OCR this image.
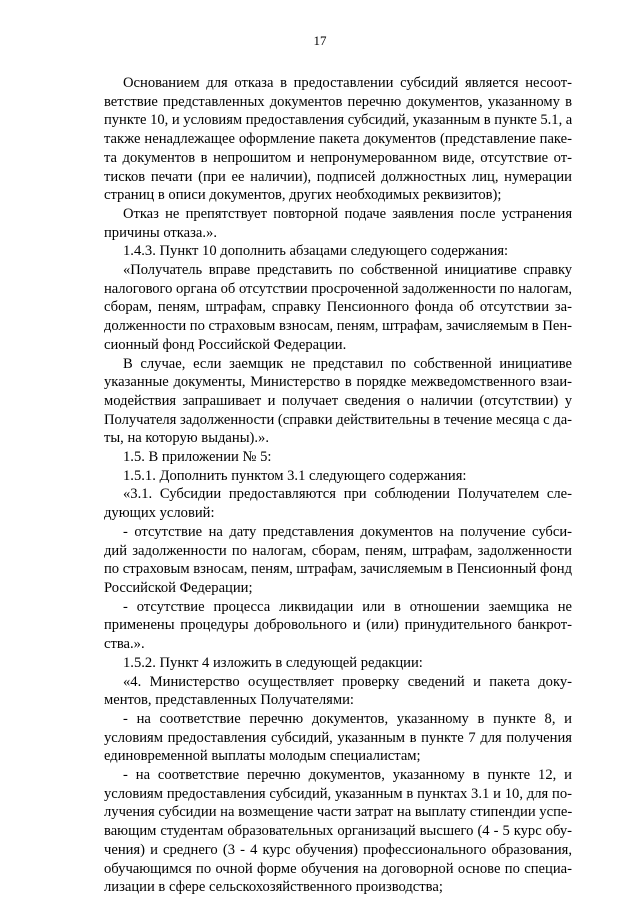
17

Основанием для отказа в предоставлении субсидий является несоот-
ветствие представленных документов перечню документов, указанному в
пункте 10, и условиям предоставления субсидий, указанным в пункте 5.1, а
также ненадлежащее оформление пакета документов (представление паке-
та документов в непрошитом и непронумерованном виде, отсутствие от-
тисков печати (при ее наличии), подписей должностных лиц, нумерации
страниц в описи документов, других необходимых реквизитов);

Отказ не препятствует повторной подаче заявления после устранения
причины отказа.».

1.4.3. Пункт 10 дополнить абзацами следующего содержания:

«Получатель вправе представить по собственной инициативе справку
налогового органа об отсутствии просроченной задолженности по налогам,
сборам, пеням, штрафам, справку Пенсионного фонда об отсутствии за-
долженности по страховым взносам, пеням, штрафам, зачисляемым в Пен-
сионный фонд Российской Федерации.

В случае, если заемщик не представил по собственной инициативе
указанные документы, Министерство в порядке межведомственного взаи-
модействия запрашивает и получает сведения о наличии (отсутствии) у
Получателя задолженности (справки действительны в течение месяца с да-
ты, на которую выданы).».

1.5. В приложении № 5:

1.5.1. Дополнить пунктом 3.1 следующего содержания:

«3.1. Субсидии предоставляются при соблюдении Получателем сле-
дующих условий:

- отсутствие на дату представления документов на получение субси-
дий задолженности по налогам, сборам, пеням, штрафам, задолженности
по страховым взносам, пеням, штрафам, зачисляемым в Пенсионный фонд
Российской Федерации;

- отсутствие процесса ликвидации или в отношении заемщика не
применены процедуры добровольного и (или) принудительного банкрот-
ства.».

1.5.2. Пункт 4 изложить в следующей редакции:

«4. Министерство осуществляет проверку сведений и пакета доку-
ментов, представленных Получателями:

- на соответствие перечню документов, указанному в пункте 8, и
условиям предоставления субсидий, указанным в пункте 7 для получения
единовременной выплаты молодым специалистам;

- на соответствие перечню документов, указанному в пункте 12, и
условиям предоставления субсидий, указанным в пунктах 3.1 и 10, для по-
лучения субсидии на возмещение части затрат на выплату стипендии успе-
вающим студентам образовательных организаций высшего (4 - 5 курс обу-
чения) и среднего (3 - 4 курс обучения) профессионального образования,
обучающимся по очной форме обучения на договорной основе по специа-
лизации в сфере сельскохозяйственного производства;
